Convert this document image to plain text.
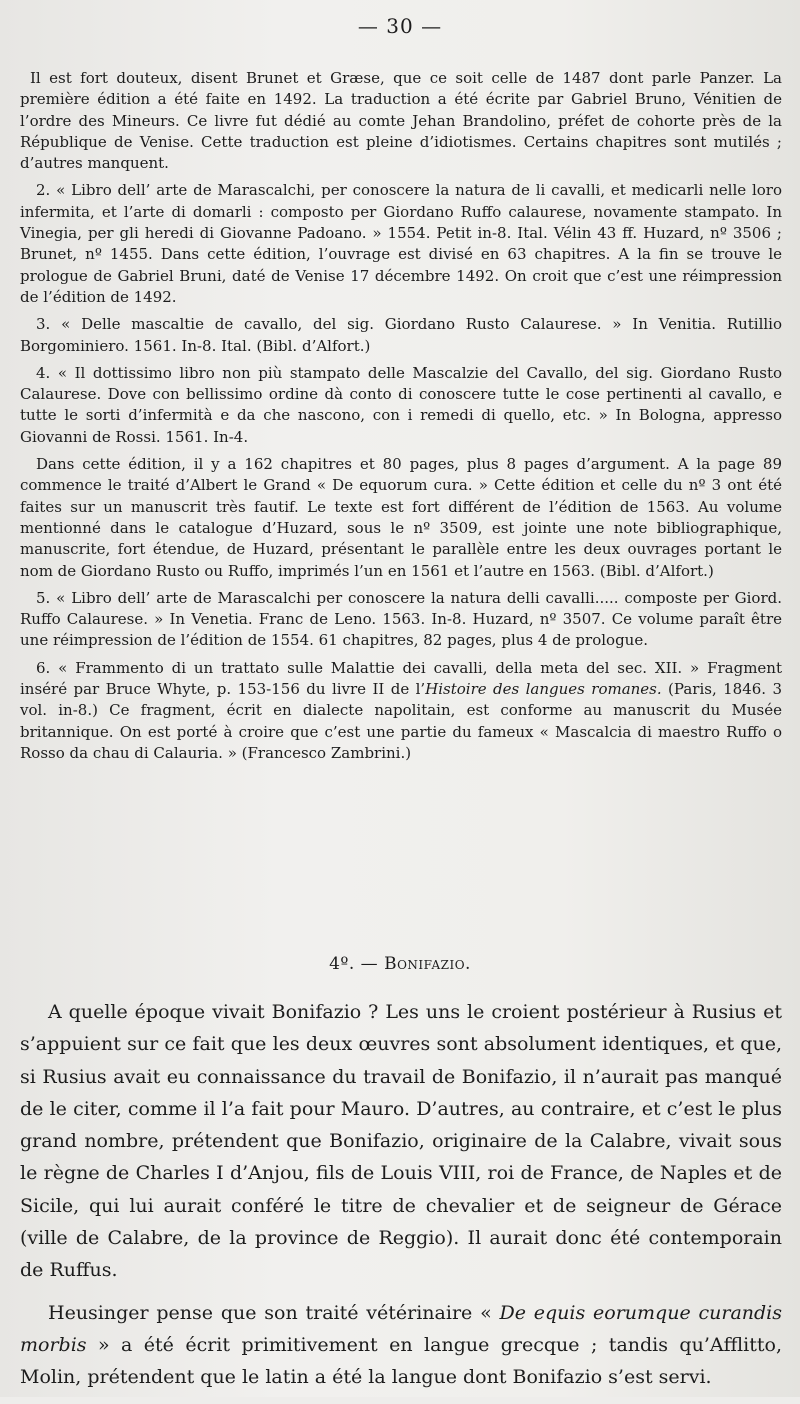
— 30 —

Il est fort douteux, disent Brunet et Græse, que ce soit celle de 1487 dont parle Panzer. La première édition a été faite en 1492. La traduction a été écrite par Gabriel Bruno, Vénitien de l’ordre des Mineurs. Ce livre fut dédié au comte Jehan Brandolino, préfet de cohorte près de la République de Venise. Cette traduction est pleine d’idiotismes. Certains chapitres sont mutilés ; d’autres manquent.

2. « Libro dell’ arte de Marascalchi, per conoscere la natura de li cavalli, et medicarli nelle loro infermita, et l’arte di domarli : composto per Giordano Ruffo calaurese, novamente stampato. In Vinegia, per gli heredi di Giovanne Padoano. » 1554. Petit in-8. Ital. Vélin 43 ff. Huzard, nº 3506 ; Brunet, nº 1455. Dans cette édition, l’ouvrage est divisé en 63 chapitres. A la fin se trouve le prologue de Gabriel Bruni, daté de Venise 17 décembre 1492. On croit que c’est une réimpression de l’édition de 1492.

3. « Delle mascaltie de cavallo, del sig. Giordano Rusto Calaurese. » In Venitia. Rutillio Borgominiero. 1561. In-8. Ital. (Bibl. d’Alfort.)

4. « Il dottissimo libro non più stampato delle Mascalzie del Cavallo, del sig. Giordano Rusto Calaurese. Dove con bellissimo ordine dà conto di conoscere tutte le cose pertinenti al cavallo, e tutte le sorti d’infermità e da che nascono, con i remedi di quello, etc. » In Bologna, appresso Giovanni de Rossi. 1561. In-4.

Dans cette édition, il y a 162 chapitres et 80 pages, plus 8 pages d’argument. A la page 89 commence le traité d’Albert le Grand « De equorum cura. » Cette édition et celle du nº 3 ont été faites sur un manuscrit très fautif. Le texte est fort différent de l’édition de 1563. Au volume mentionné dans le catalogue d’Huzard, sous le nº 3509, est jointe une note bibliographique, manuscrite, fort étendue, de Huzard, présentant le parallèle entre les deux ouvrages portant le nom de Giordano Rusto ou Ruffo, imprimés l’un en 1561 et l’autre en 1563. (Bibl. d’Alfort.)

5. « Libro dell’ arte de Marascalchi per conoscere la natura delli cavalli..... composte per Giord. Ruffo Calaurese. » In Venetia. Franc de Leno. 1563. In-8. Huzard, nº 3507. Ce volume paraît être une réimpression de l’édition de 1554. 61 chapitres, 82 pages, plus 4 de prologue.

6. « Frammento di un trattato sulle Malattie dei cavalli, della meta del sec. XII. » Fragment inséré par Bruce Whyte, p. 153-156 du livre II de l’Histoire des langues romanes. (Paris, 1846. 3 vol. in-8.) Ce fragment, écrit en dialecte napolitain, est conforme au manuscrit du Musée britannique. On est porté à croire que c’est une partie du fameux « Mascalcia di maestro Ruffo o Rosso da chau di Calauria. » (Francesco Zambrini.)

4º. — Bonifazio.

A quelle époque vivait Bonifazio ? Les uns le croient postérieur à Rusius et s’appuient sur ce fait que les deux œuvres sont absolument identiques, et que, si Rusius avait eu connaissance du travail de Bonifazio, il n’aurait pas manqué de le citer, comme il l’a fait pour Mauro. D’autres, au contraire, et c’est le plus grand nombre, prétendent que Bonifazio, originaire de la Calabre, vivait sous le règne de Charles I d’Anjou, fils de Louis VIII, roi de France, de Naples et de Sicile, qui lui aurait conféré le titre de chevalier et de seigneur de Gérace (ville de Calabre, de la province de Reggio). Il aurait donc été contemporain de Ruffus.

Heusinger pense que son traité vétérinaire « De equis eorumque curandis morbis » a été écrit primitivement en langue grecque ; tandis qu’Afflitto, Molin, prétendent que le latin a été la langue dont Bonifazio s’est servi.
